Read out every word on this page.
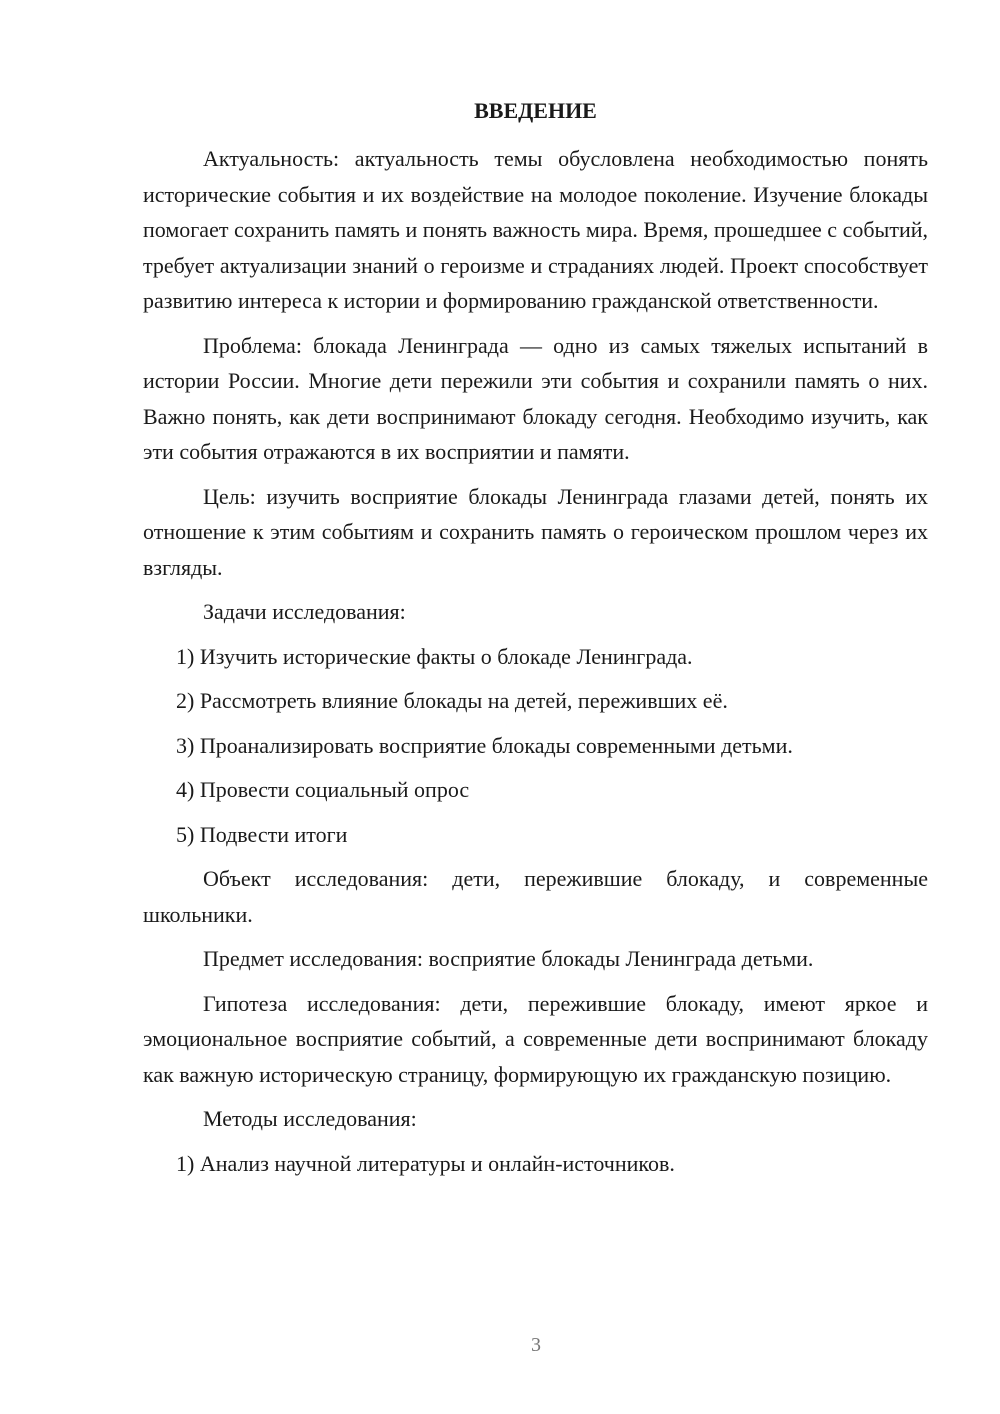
ВВЕДЕНИЕ

Актуальность: актуальность темы обусловлена необходимостью понять исторические события и их воздействие на молодое поколение. Изучение блокады помогает сохранить память и понять важность мира. Время, прошедшее с событий, требует актуализации знаний о героизме и страданиях людей. Проект способствует развитию интереса к истории и формированию гражданской ответственности.

Проблема: блокада Ленинграда — одно из самых тяжелых испытаний в истории России. Многие дети пережили эти события и сохранили память о них. Важно понять, как дети воспринимают блокаду сегодня. Необходимо изучить, как эти события отражаются в их восприятии и памяти.

Цель: изучить восприятие блокады Ленинграда глазами детей, понять их отношение к этим событиям и сохранить память о героическом прошлом через их взгляды.

Задачи исследования:

1) Изучить исторические факты о блокаде Ленинграда.

2) Рассмотреть влияние блокады на детей, переживших её.

3) Проанализировать восприятие блокады современными детьми.

4) Провести социальный опрос

5) Подвести итоги

Объект исследования: дети, пережившие блокаду, и современные школьники.

Предмет исследования: восприятие блокады Ленинграда детьми.

Гипотеза исследования: дети, пережившие блокаду, имеют яркое и эмоциональное восприятие событий, а современные дети воспринимают блокаду как важную историческую страницу, формирующую их гражданскую позицию.

Методы исследования:

1) Анализ научной литературы и онлайн-источников.

3
